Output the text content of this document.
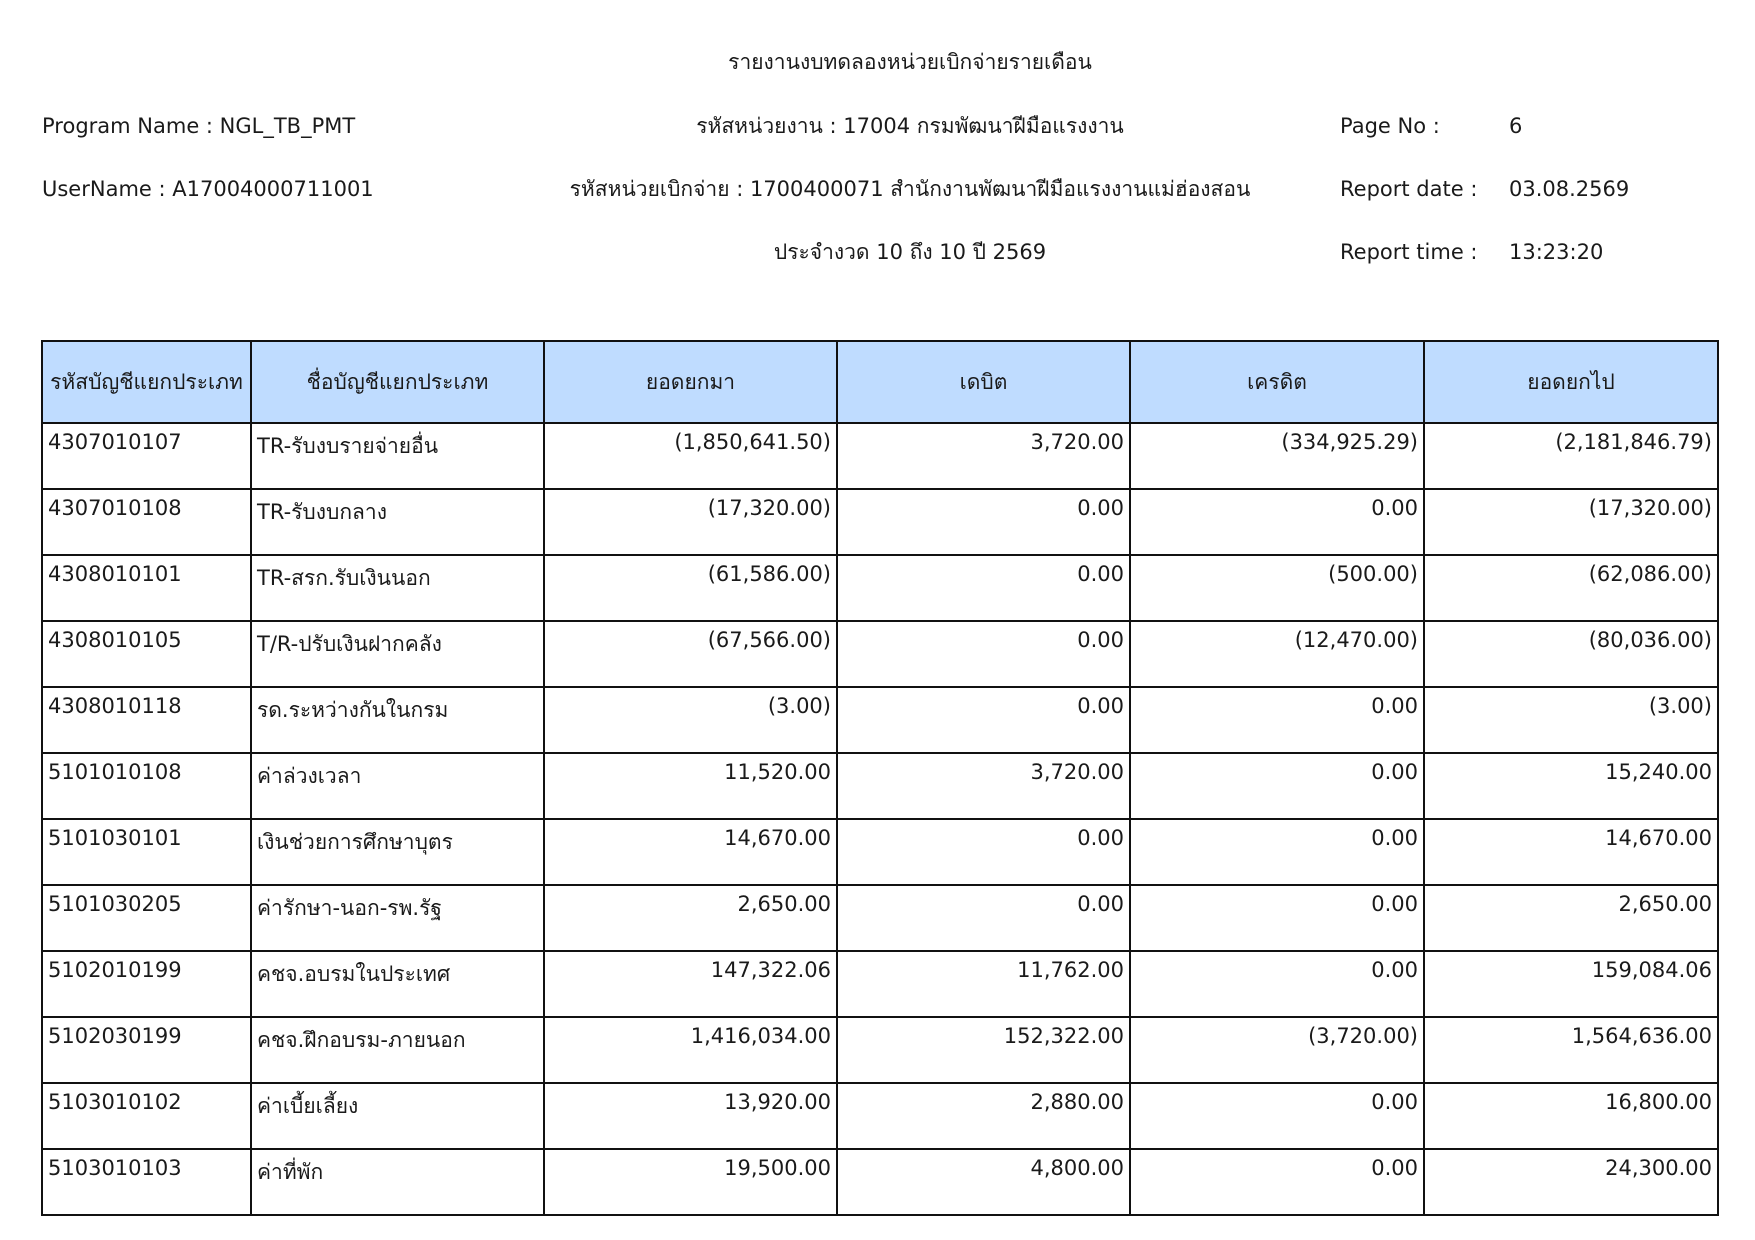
รายงานงบทดลองหน่วยเบิกจ่ายรายเดือน
Program Name : NGL_TB_PMT	รหัสหน่วยงาน : 17004 กรมพัฒนาฝีมือแรงงาน	Page No :	6
UserName : A17004000711001	รหัสหน่วยเบิกจ่าย : 1700400071 สำนักงานพัฒนาฝีมือแรงงานแม่ฮ่องสอน	Report date : 03.08.2569
ประจำงวด 10 ถึง 10 ปี 2569	Report time : 13:23:20
รหัสบัญชีแยกประเภท	ชื่อบัญชีแยกประเภท	ยอดยกมา	เดบิต	เครดิต	ยอดยกไป
4307010107	TR-รับงบรายจ่ายอื่น	(1,850,641.50)	3,720.00	(334,925.29)	(2,181,846.79)
4307010108	TR-รับงบกลาง	(17,320.00)	0.00	0.00	(17,320.00)
4308010101	TR-สรก.รับเงินนอก	(61,586.00)	0.00	(500.00)	(62,086.00)
4308010105	T/R-ปรับเงินฝากคลัง	(67,566.00)	0.00	(12,470.00)	(80,036.00)
4308010118	รด.ระหว่างกันในกรม	(3.00)	0.00	0.00	(3.00)
5101010108	ค่าล่วงเวลา	11,520.00	3,720.00	0.00	15,240.00
5101030101	เงินช่วยการศึกษาบุตร	14,670.00	0.00	0.00	14,670.00
5101030205	ค่ารักษา-นอก-รพ.รัฐ	2,650.00	0.00	0.00	2,650.00
5102010199	คชจ.อบรมในประเทศ	147,322.06	11,762.00	0.00	159,084.06
5102030199	คชจ.ฝึกอบรม-ภายนอก	1,416,034.00	152,322.00	(3,720.00)	1,564,636.00
5103010102	ค่าเบี้ยเลี้ยง	13,920.00	2,880.00	0.00	16,800.00
5103010103	ค่าที่พัก	19,500.00	4,800.00	0.00	24,300.00
